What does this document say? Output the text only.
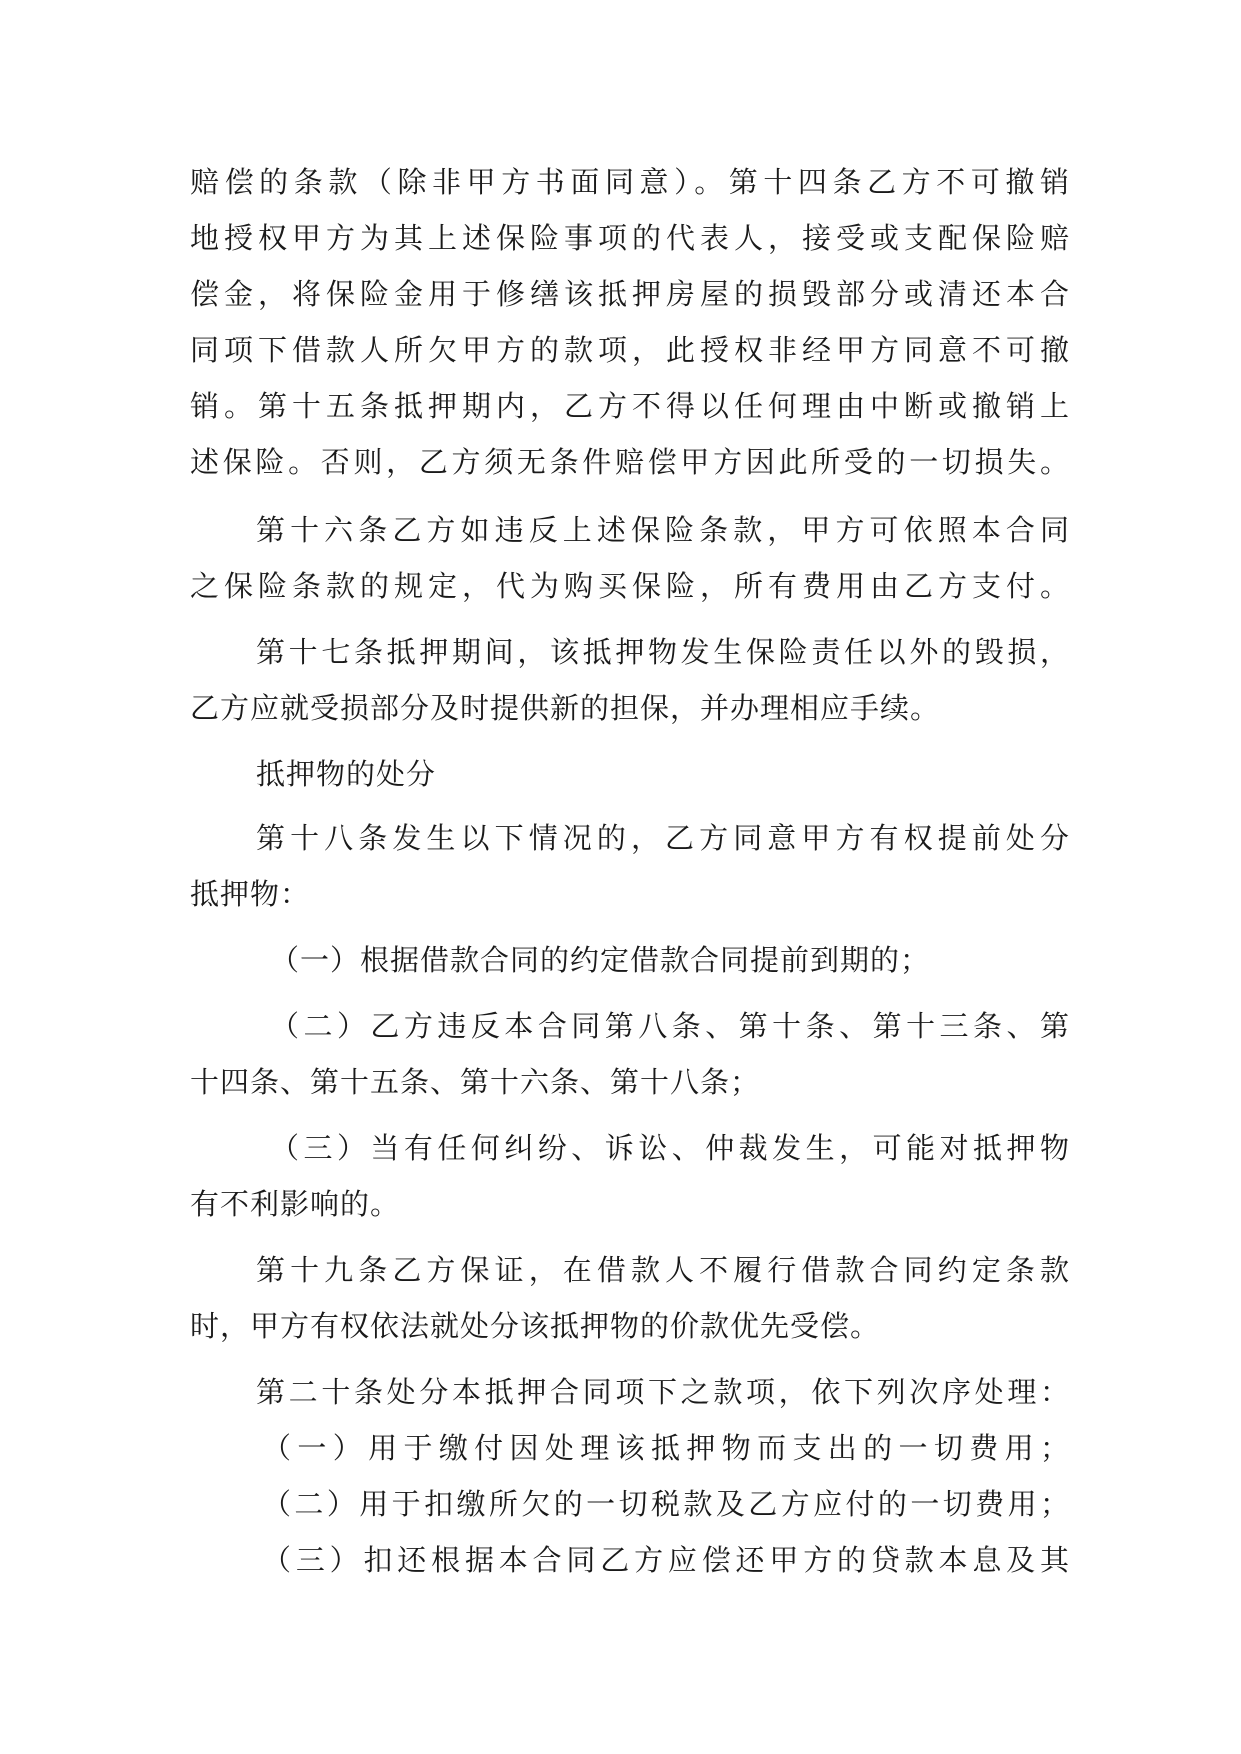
赔偿的条款（除非甲方书面同意）。第十四条乙方不可撤销
地授权甲方为其上述保险事项的代表人，接受或支配保险赔
偿金，将保险金用于修缮该抵押房屋的损毁部分或清还本合
同项下借款人所欠甲方的款项，此授权非经甲方同意不可撤
销。第十五条抵押期内，乙方不得以任何理由中断或撤销上
述保险。否则，乙方须无条件赔偿甲方因此所受的一切损失。
第十六条乙方如违反上述保险条款，甲方可依照本合同
之保险条款的规定，代为购买保险，所有费用由乙方支付。
第十七条抵押期间，该抵押物发生保险责任以外的毁损，
乙方应就受损部分及时提供新的担保，并办理相应手续。
抵押物的处分
第十八条发生以下情况的，乙方同意甲方有权提前处分
抵押物：
（一）根据借款合同的约定借款合同提前到期的；
（二）乙方违反本合同第八条、第十条、第十三条、第
十四条、第十五条、第十六条、第十八条；
（三）当有任何纠纷、诉讼、仲裁发生，可能对抵押物
有不利影响的。
第十九条乙方保证，在借款人不履行借款合同约定条款
时，甲方有权依法就处分该抵押物的价款优先受偿。
第二十条处分本抵押合同项下之款项，依下列次序处理：
（一）用于缴付因处理该抵押物而支出的一切费用；
（二）用于扣缴所欠的一切税款及乙方应付的一切费用；
（三）扣还根据本合同乙方应偿还甲方的贷款本息及其
